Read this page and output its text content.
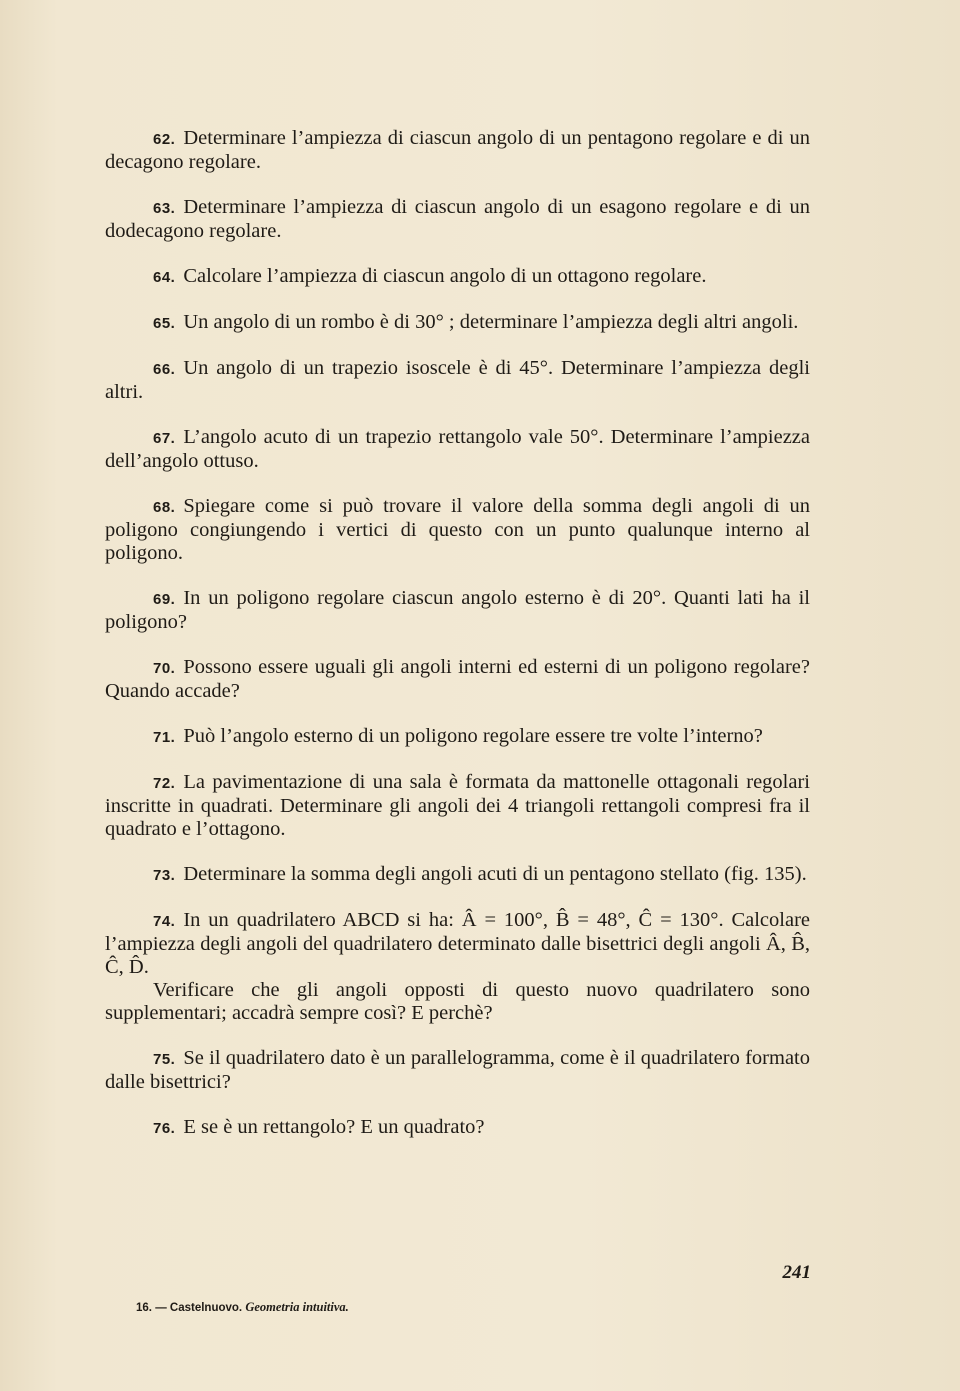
62. Determinare l’ampiezza di ciascun angolo di un pentagono regolare e di un decagono regolare.

63. Determinare l’ampiezza di ciascun angolo di un esagono regolare e di un dodecagono regolare.

64. Calcolare l’ampiezza di ciascun angolo di un ottagono regolare.

65. Un angolo di un rombo è di 30° ; determinare l’ampiezza degli altri angoli.

66. Un angolo di un trapezio isoscele è di 45°. Determinare l’ampiezza degli altri.

67. L’angolo acuto di un trapezio rettangolo vale 50°. Determinare l’ampiezza dell’angolo ottuso.

68. Spiegare come si può trovare il valore della somma degli angoli di un poligono congiungendo i vertici di questo con un punto qualunque interno al poligono.

69. In un poligono regolare ciascun angolo esterno è di 20°. Quanti lati ha il poligono?

70. Possono essere uguali gli angoli interni ed esterni di un poligono regolare? Quando accade?

71. Può l’angolo esterno di un poligono regolare essere tre volte l’interno?

72. La pavimentazione di una sala è formata da mattonelle ottagonali regolari inscritte in quadrati. Determinare gli angoli dei 4 triangoli rettangoli compresi fra il quadrato e l’ottagono.

73. Determinare la somma degli angoli acuti di un pentagono stellato (fig. 135).

74. In un quadrilatero ABCD si ha: Â = 100°, B̂ = 48°, Ĉ = 130°. Calcolare l’ampiezza degli angoli del quadrilatero determinato dalle bisettrici degli angoli Â, B̂, Ĉ, D̂.
Verificare che gli angoli opposti di questo nuovo quadrilatero sono supplementari; accadrà sempre così? E perchè?

75. Se il quadrilatero dato è un parallelogramma, come è il quadrilatero formato dalle bisettrici?

76. E se è un rettangolo? E un quadrato?

241
16. — Castelnuovo. Geometria intuitiva.
